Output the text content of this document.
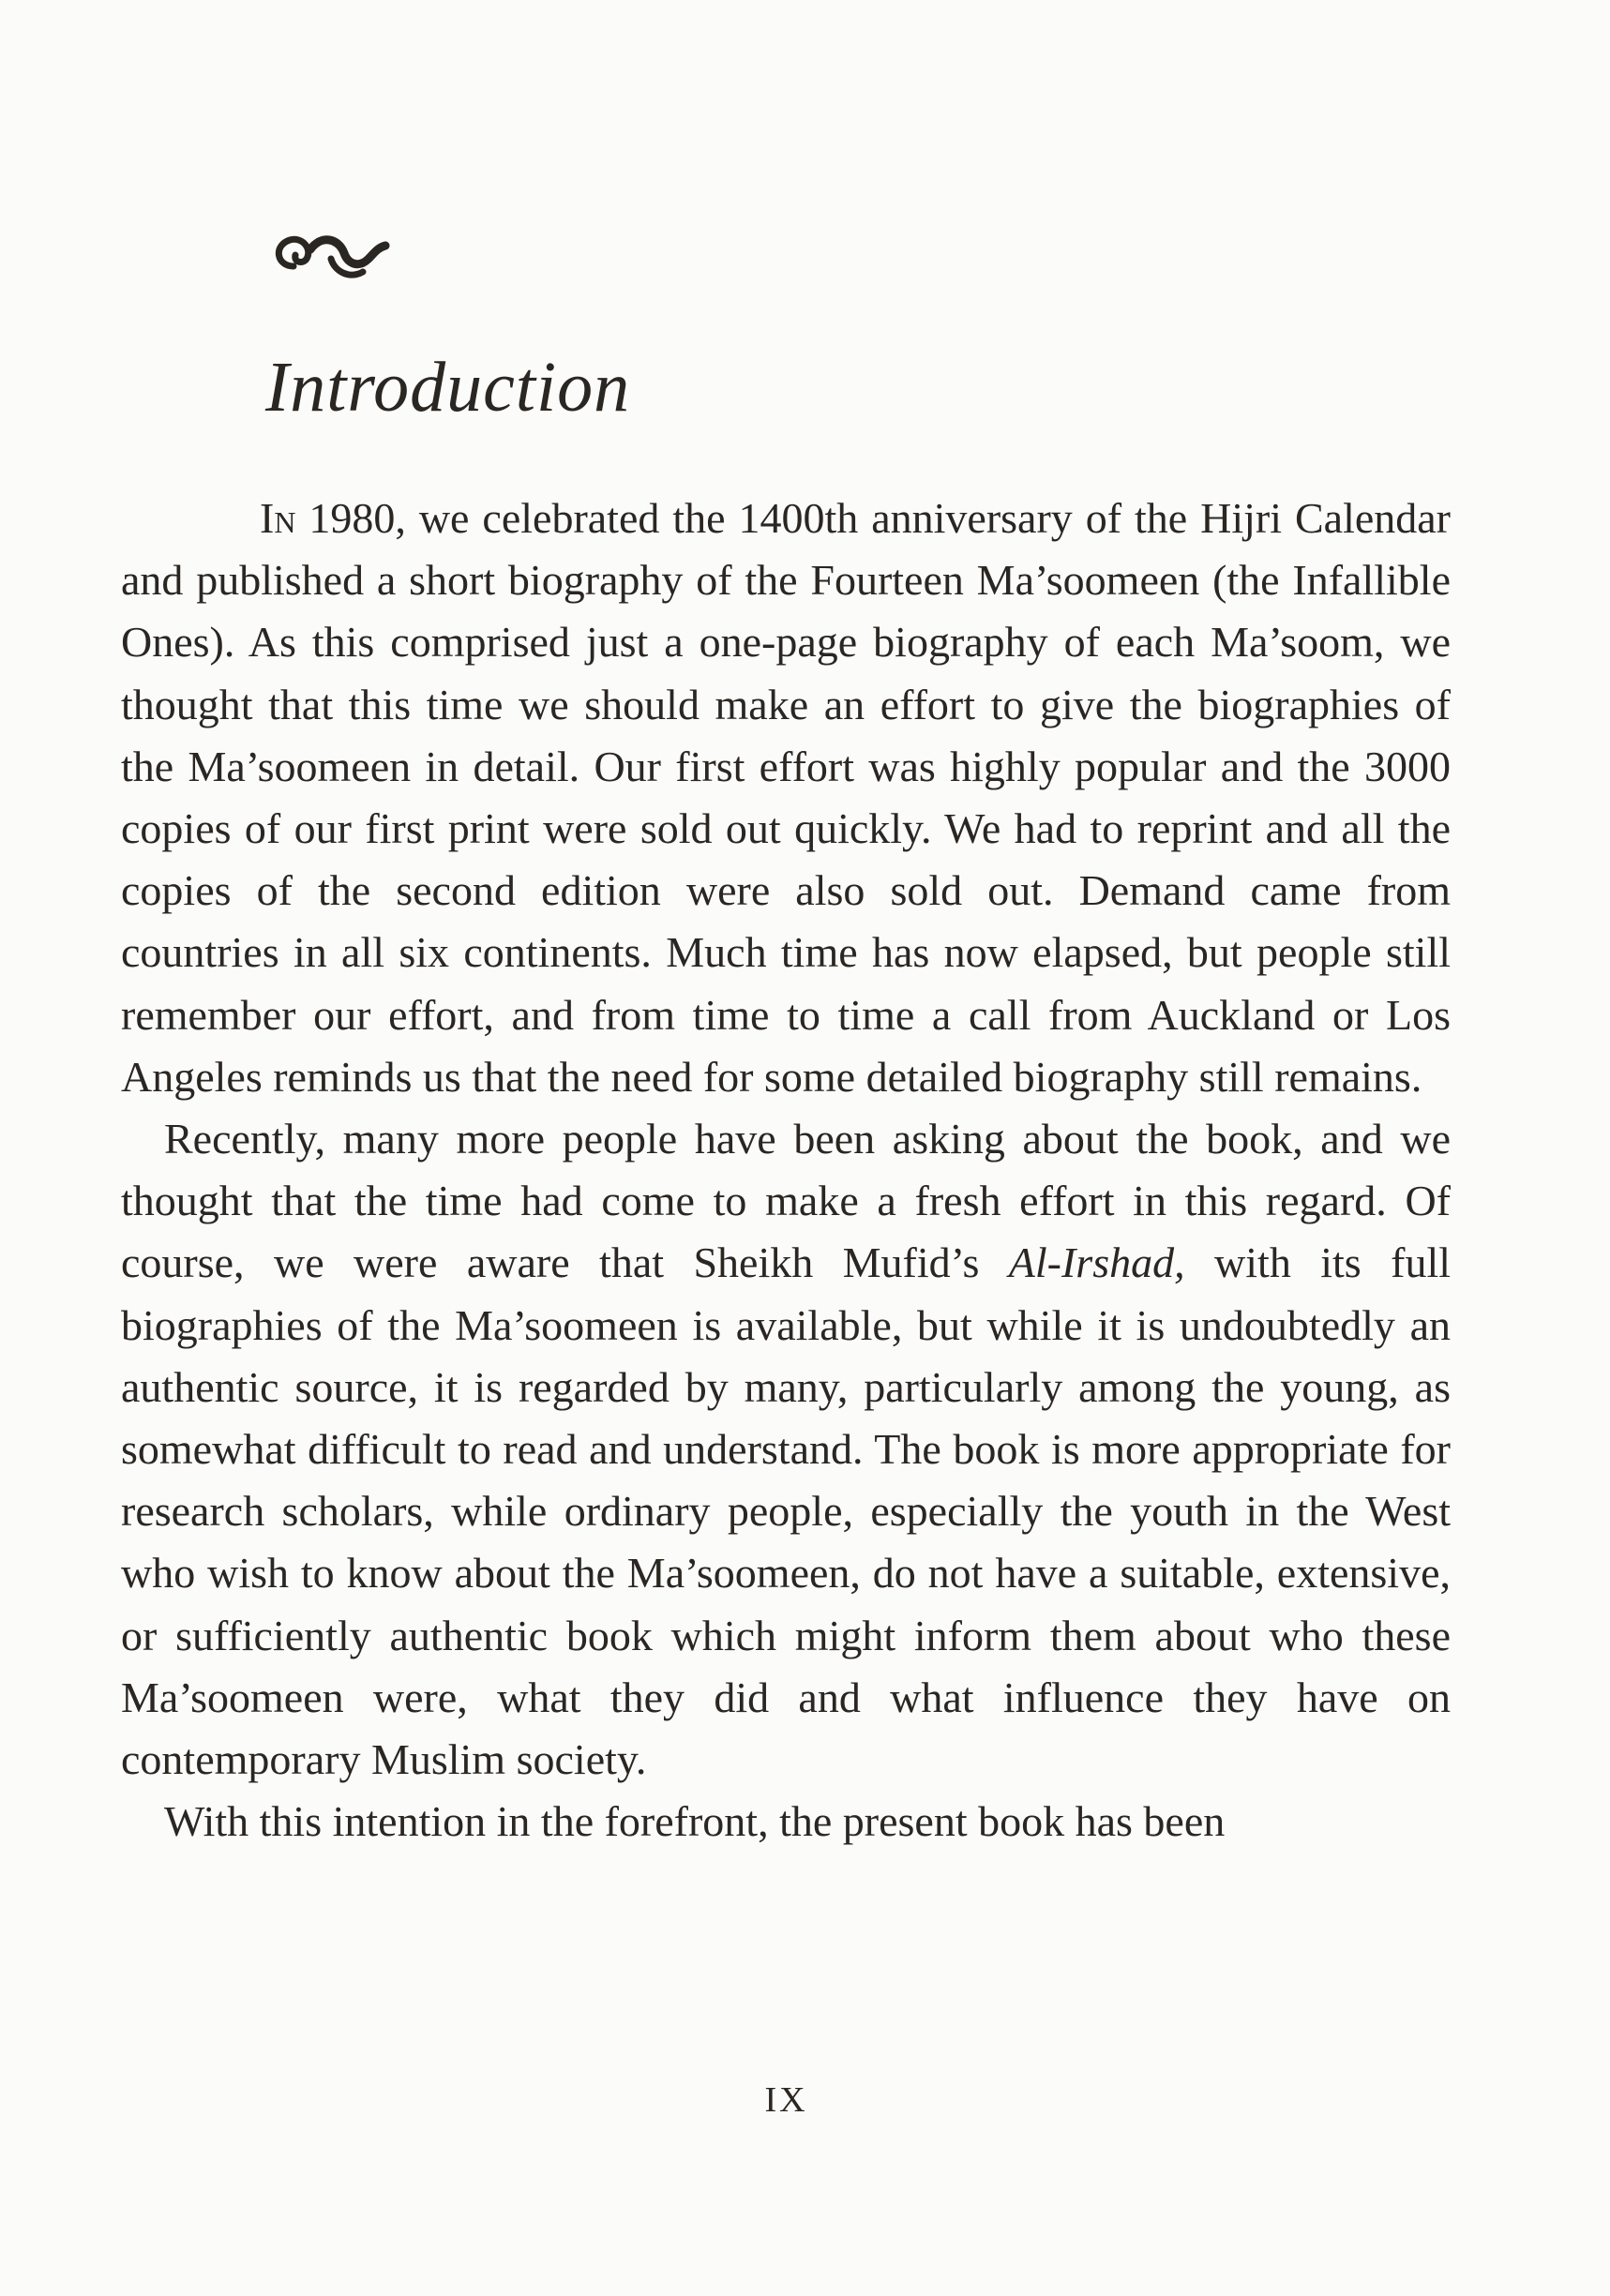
Introduction

In 1980, we celebrated the 1400th anniversary of the Hijri Calendar and published a short biography of the Fourteen Ma’soomeen (the Infallible Ones). As this comprised just a one-page biography of each Ma’soom, we thought that this time we should make an effort to give the biographies of the Ma’soomeen in detail. Our first effort was highly popular and the 3000 copies of our first print were sold out quickly. We had to reprint and all the copies of the second edition were also sold out. Demand came from countries in all six continents. Much time has now elapsed, but people still remember our effort, and from time to time a call from Auckland or Los Angeles reminds us that the need for some detailed biography still remains.

Recently, many more people have been asking about the book, and we thought that the time had come to make a fresh effort in this regard. Of course, we were aware that Sheikh Mufid’s Al-Irshad, with its full biographies of the Ma’soomeen is available, but while it is undoubtedly an authentic source, it is regarded by many, particularly among the young, as somewhat difficult to read and understand. The book is more appropriate for research scholars, while ordinary people, especially the youth in the West who wish to know about the Ma’soomeen, do not have a suitable, extensive, or sufficiently authentic book which might inform them about who these Ma’soomeen were, what they did and what influence they have on contemporary Muslim society.

With this intention in the forefront, the present book has been

IX
